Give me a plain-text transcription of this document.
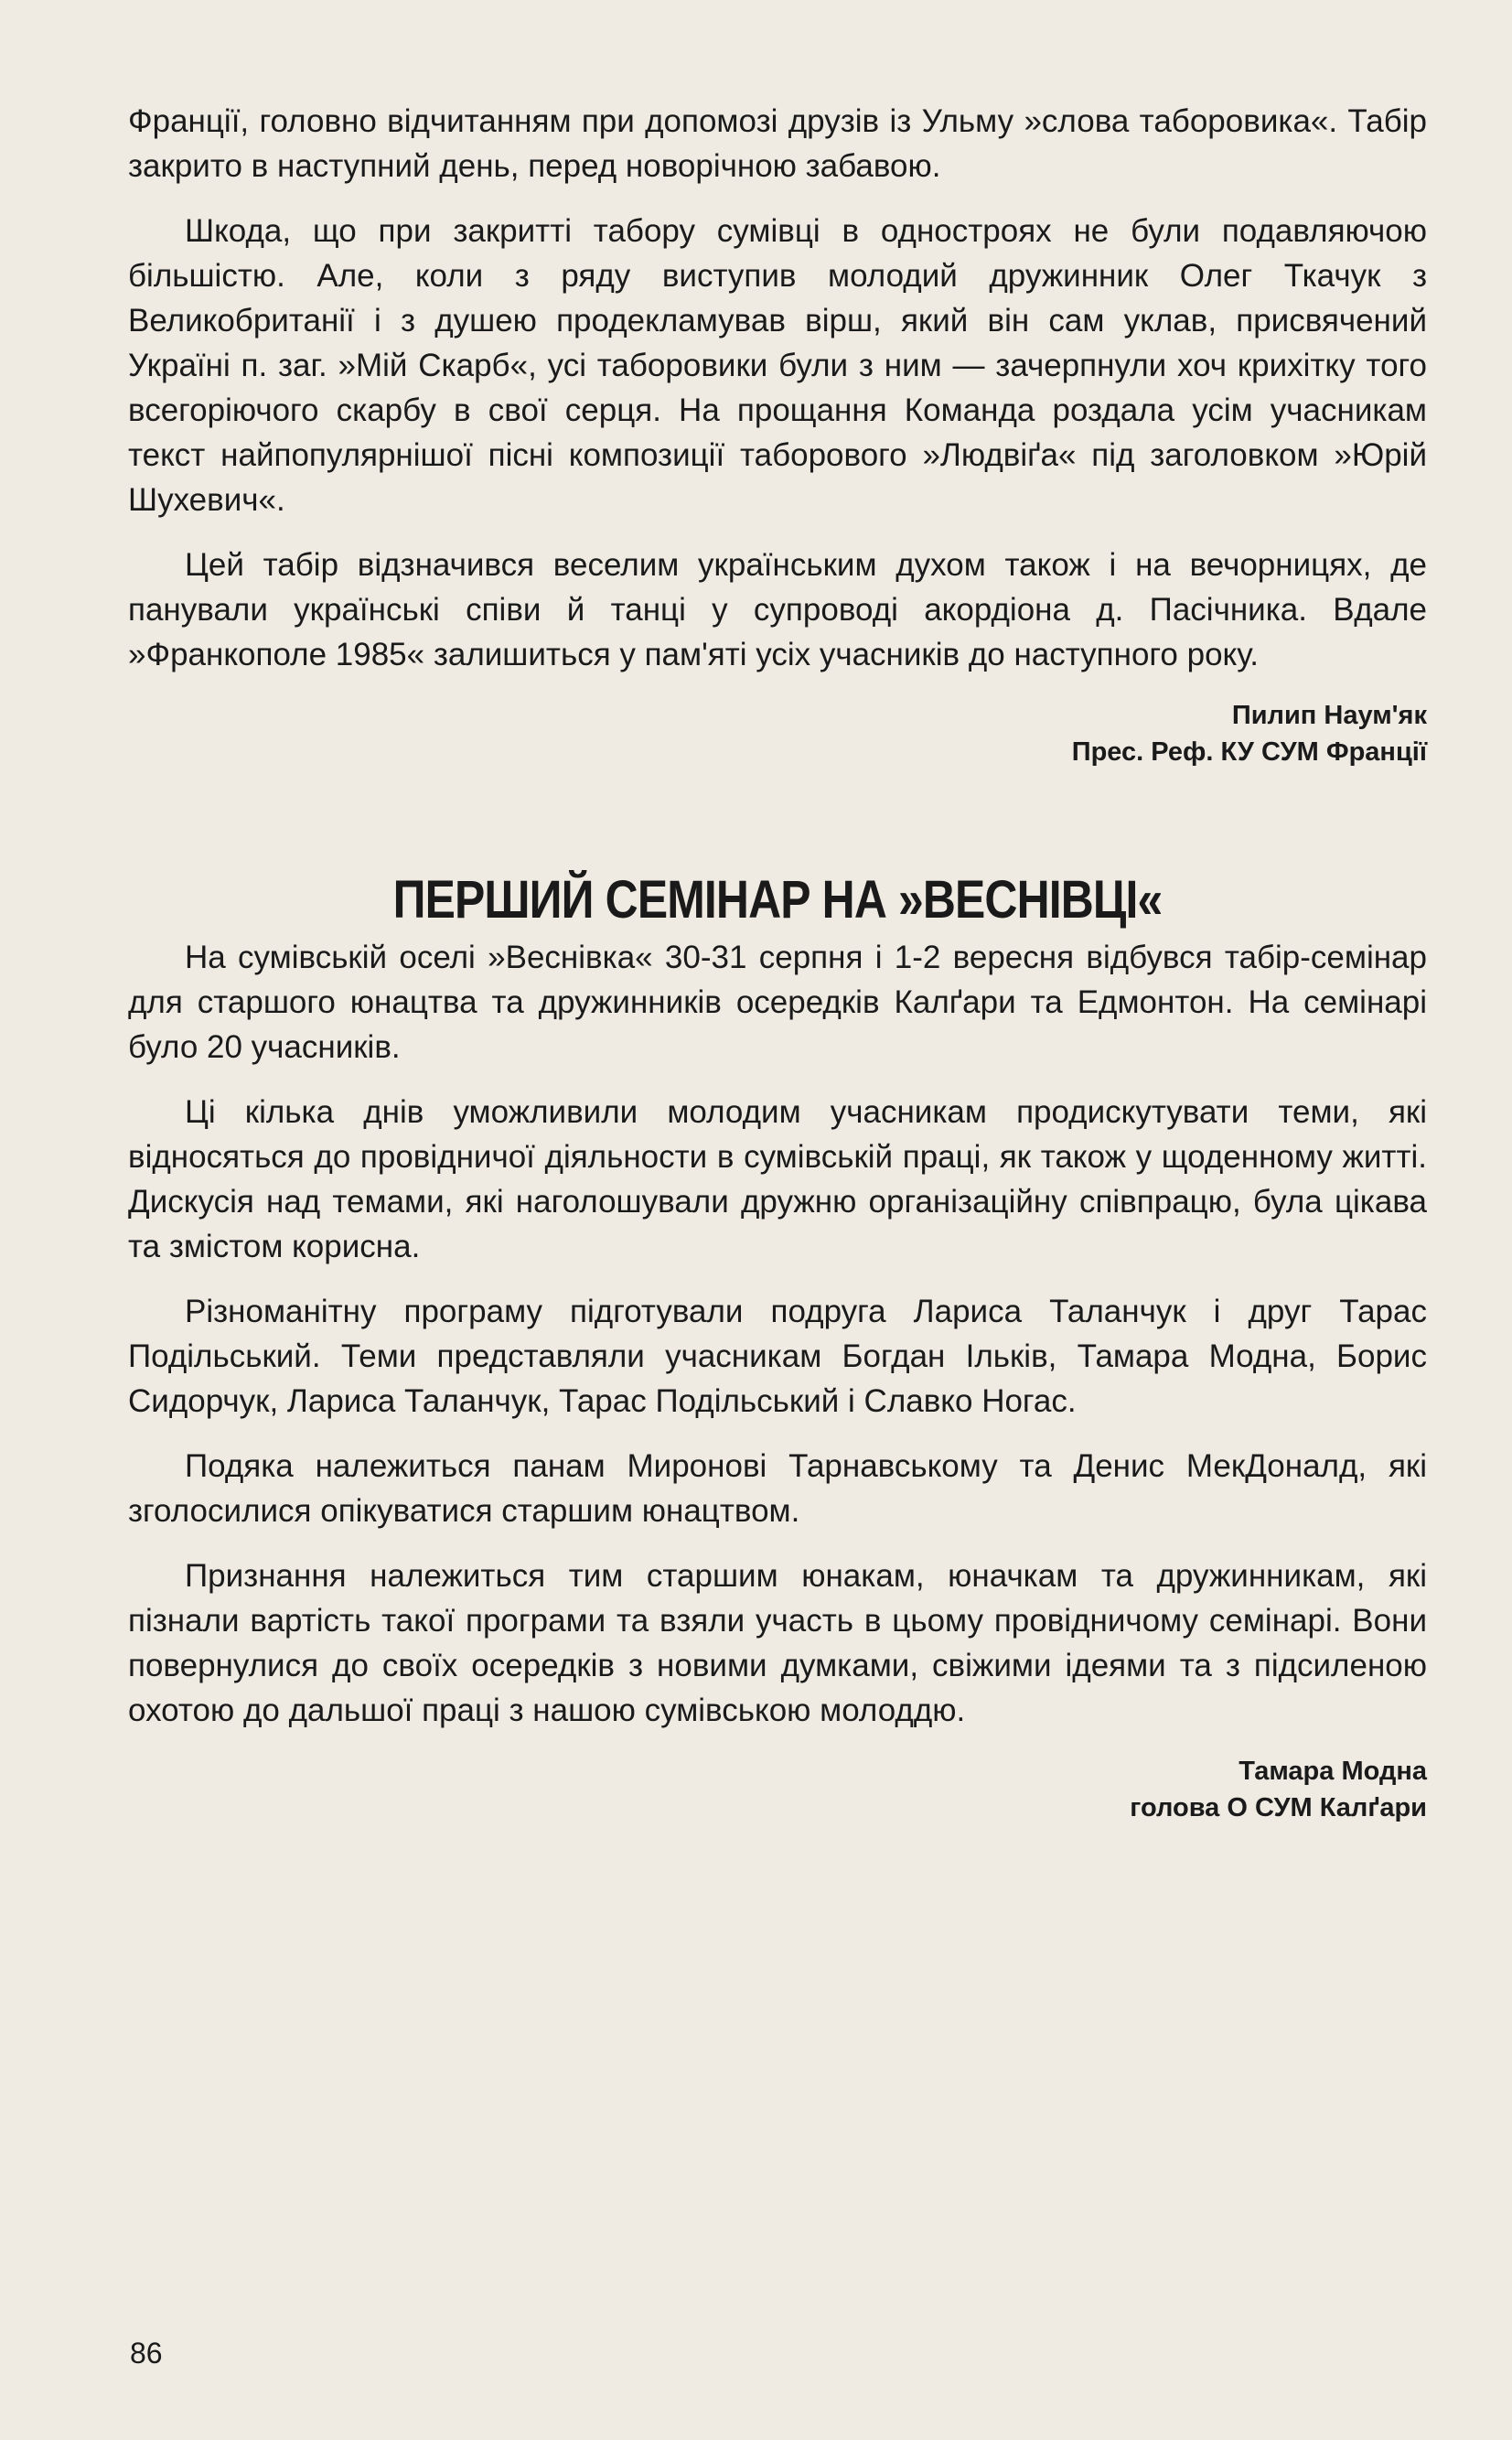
Франції, головно відчитанням при допомозі друзів із Ульму »слова таборовика«. Табір закрито в наступний день, перед новорічною забавою.

Шкода, що при закритті табору сумівці в одностроях не були подавляючою більшістю. Але, коли з ряду виступив молодий дружинник Олег Ткачук з Великобританії і з душею продекламував вірш, який він сам уклав, присвячений Україні п. заг. »Мій Скарб«, усі таборовики були з ним — зачерпнули хоч крихітку того всегоріючого скарбу в свої серця. На прощання Команда роздала усім учасникам текст найпопулярнішої пісні композиції таборового »Людвіґа« під заголовком »Юрій Шухевич«.

Цей табір відзначився веселим українським духом також і на вечорницях, де панували українські співи й танці у супроводі акордіона д. Пасічника. Вдале »Франкополе 1985« залишиться у пам'яті усіх учасників до наступного року.

Пилип Наум'як
Прес. Реф. КУ СУМ Франції
ПЕРШИЙ СЕМІНАР НА »ВЕСНІВЦІ«

На сумівській оселі »Веснівка« 30-31 серпня і 1-2 вересня відбувся табір-семінар для старшого юнацтва та дружинників осередків Калґари та Едмонтон. На семінарі було 20 учасників.

Ці кілька днів уможливили молодим учасникам продискутувати теми, які відносяться до провідничої діяльности в сумівській праці, як також у щоденному житті. Дискусія над темами, які наголошували дружню організаційну співпрацю, була цікава та змістом корисна.

Різноманітну програму підготували подруга Лариса Таланчук і друг Тарас Подільський. Теми представляли учасникам Богдан Ільків, Тамара Модна, Борис Сидорчук, Лариса Таланчук, Тарас Подільський і Славко Ногас.

Подяка належиться панам Миронові Тарнавському та Денис МекДоналд, які зголосилися опікуватися старшим юнацтвом.

Признання належиться тим старшим юнакам, юначкам та дружинникам, які пізнали вартість такої програми та взяли участь в цьому провідничому семінарі. Вони повернулися до своїх осередків з новими думками, свіжими ідеями та з підсиленою охотою до дальшої праці з нашою сумівською молоддю.

Тамара Модна
голова О СУМ Калґари
86
